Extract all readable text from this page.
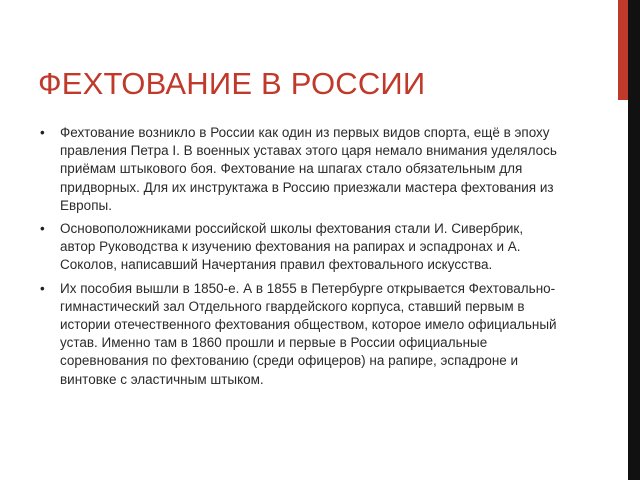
ФЕХТОВАНИЕ В РОССИИ
• Фехтование возникло в России как один из первых видов спорта, ещё в эпоху правления Петра I. В военных уставах этого царя немало внимания уделялось приёмам штыкового боя. Фехтование на шпагах стало обязательным для придворных. Для их инструктажа в Россию приезжали мастера фехтования из Европы.
• Основоположниками российской школы фехтования стали И. Сивербрик, автор Руководства к изучению фехтования на рапирах и эспадронах и А. Соколов, написавший Начертания правил фехтовального искусства.
• Их пособия вышли в 1850-е. А в 1855 в Петербурге открывается Фехтовально-гимнастический зал Отдельного гвардейского корпуса, ставший первым в истории отечественного фехтования обществом, которое имело официальный устав. Именно там в 1860 прошли и первые в России официальные соревнования по фехтованию (среди офицеров) на рапире, эспадроне и винтовке с эластичным штыком.
